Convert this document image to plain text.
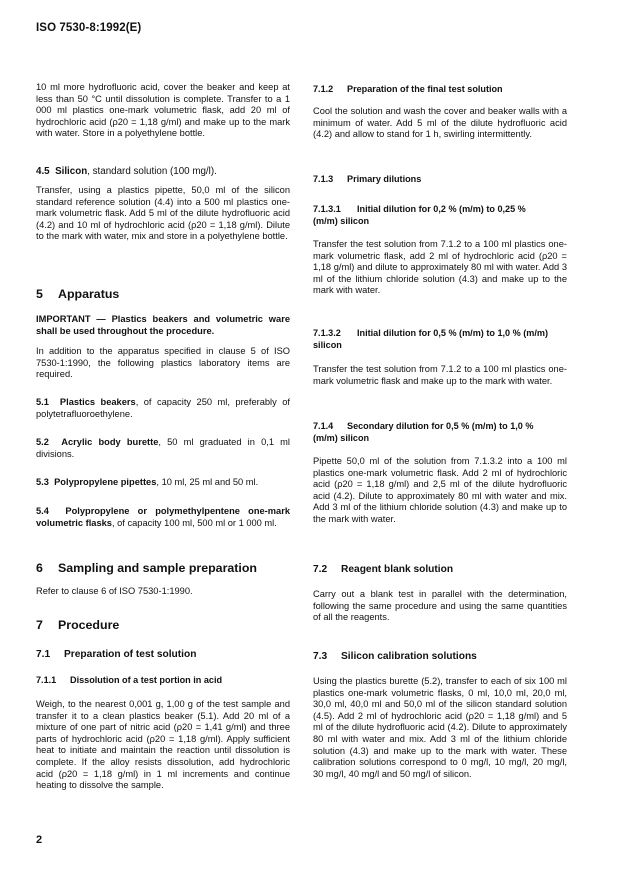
ISO 7530-8:1992(E)
10 ml more hydrofluoric acid, cover the beaker and keep at less than 50 °C until dissolution is complete. Transfer to a 1 000 ml plastics one-mark volumetric flask, add 20 ml of hydrochloric acid (ρ20 = 1,18 g/ml) and make up to the mark with water. Store in a polyethylene bottle.
4.5 Silicon, standard solution (100 mg/l).
Transfer, using a plastics pipette, 50,0 ml of the silicon standard reference solution (4.4) into a 500 ml plastics one-mark volumetric flask. Add 5 ml of the dilute hydrofluoric acid (4.2) and 10 ml of hydrochloric acid (ρ20 = 1,18 g/ml). Dilute to the mark with water, mix and store in a polyethylene bottle.
5 Apparatus
IMPORTANT — Plastics beakers and volumetric ware shall be used throughout the procedure.
In addition to the apparatus specified in clause 5 of ISO 7530-1:1990, the following plastics laboratory items are required.
5.1 Plastics beakers, of capacity 250 ml, preferably of polytetrafluoroethylene.
5.2 Acrylic body burette, 50 ml graduated in 0,1 ml divisions.
5.3 Polypropylene pipettes, 10 ml, 25 ml and 50 ml.
5.4 Polypropylene or polymethylpentene one-mark volumetric flasks, of capacity 100 ml, 500 ml or 1 000 ml.
6 Sampling and sample preparation
Refer to clause 6 of ISO 7530-1:1990.
7 Procedure
7.1 Preparation of test solution
7.1.1 Dissolution of a test portion in acid
Weigh, to the nearest 0,001 g, 1,00 g of the test sample and transfer it to a clean plastics beaker (5.1). Add 20 ml of a mixture of one part of nitric acid (ρ20 = 1,41 g/ml) and three parts of hydrochloric acid (ρ20 = 1,18 g/ml). Apply sufficient heat to initiate and maintain the reaction until dissolution is complete. If the alloy resists dissolution, add hydrochloric acid (ρ20 = 1,18 g/ml) in 1 ml increments and continue heating to dissolve the sample.
7.1.2 Preparation of the final test solution
Cool the solution and wash the cover and beaker walls with a minimum of water. Add 5 ml of the dilute hydrofluoric acid (4.2) and allow to stand for 1 h, swirling intermittently.
7.1.3 Primary dilutions
7.1.3.1 Initial dilution for 0,2 % (m/m) to 0,25 % (m/m) silicon
Transfer the test solution from 7.1.2 to a 100 ml plastics one-mark volumetric flask, add 2 ml of hydrochloric acid (ρ20 = 1,18 g/ml) and dilute to approximately 80 ml with water. Add 3 ml of the lithium chloride solution (4.3) and make up to the mark with water.
7.1.3.2 Initial dilution for 0,5 % (m/m) to 1,0 % (m/m) silicon
Transfer the test solution from 7.1.2 to a 100 ml plastics one-mark volumetric flask and make up to the mark with water.
7.1.4 Secondary dilution for 0,5 % (m/m) to 1,0 % (m/m) silicon
Pipette 50,0 ml of the solution from 7.1.3.2 into a 100 ml plastics one-mark volumetric flask. Add 2 ml of hydrochloric acid (ρ20 = 1,18 g/ml) and 2,5 ml of the dilute hydrofluoric acid (4.2). Dilute to approximately 80 ml with water and mix. Add 3 ml of the lithium chloride solution (4.3) and make up to the mark with water.
7.2 Reagent blank solution
Carry out a blank test in parallel with the determination, following the same procedure and using the same quantities of all the reagents.
7.3 Silicon calibration solutions
Using the plastics burette (5.2), transfer to each of six 100 ml plastics one-mark volumetric flasks, 0 ml, 10,0 ml, 20,0 ml, 30,0 ml, 40,0 ml and 50,0 ml of the silicon standard solution (4.5). Add 2 ml of hydrochloric acid (ρ20 = 1,18 g/ml) and 5 ml of the dilute hydrofluoric acid (4.2). Dilute to approximately 80 ml with water and mix. Add 3 ml of the lithium chloride solution (4.3) and make up to the mark with water. These calibration solutions correspond to 0 mg/l, 10 mg/l, 20 mg/l, 30 mg/l, 40 mg/l and 50 mg/l of silicon.
2
